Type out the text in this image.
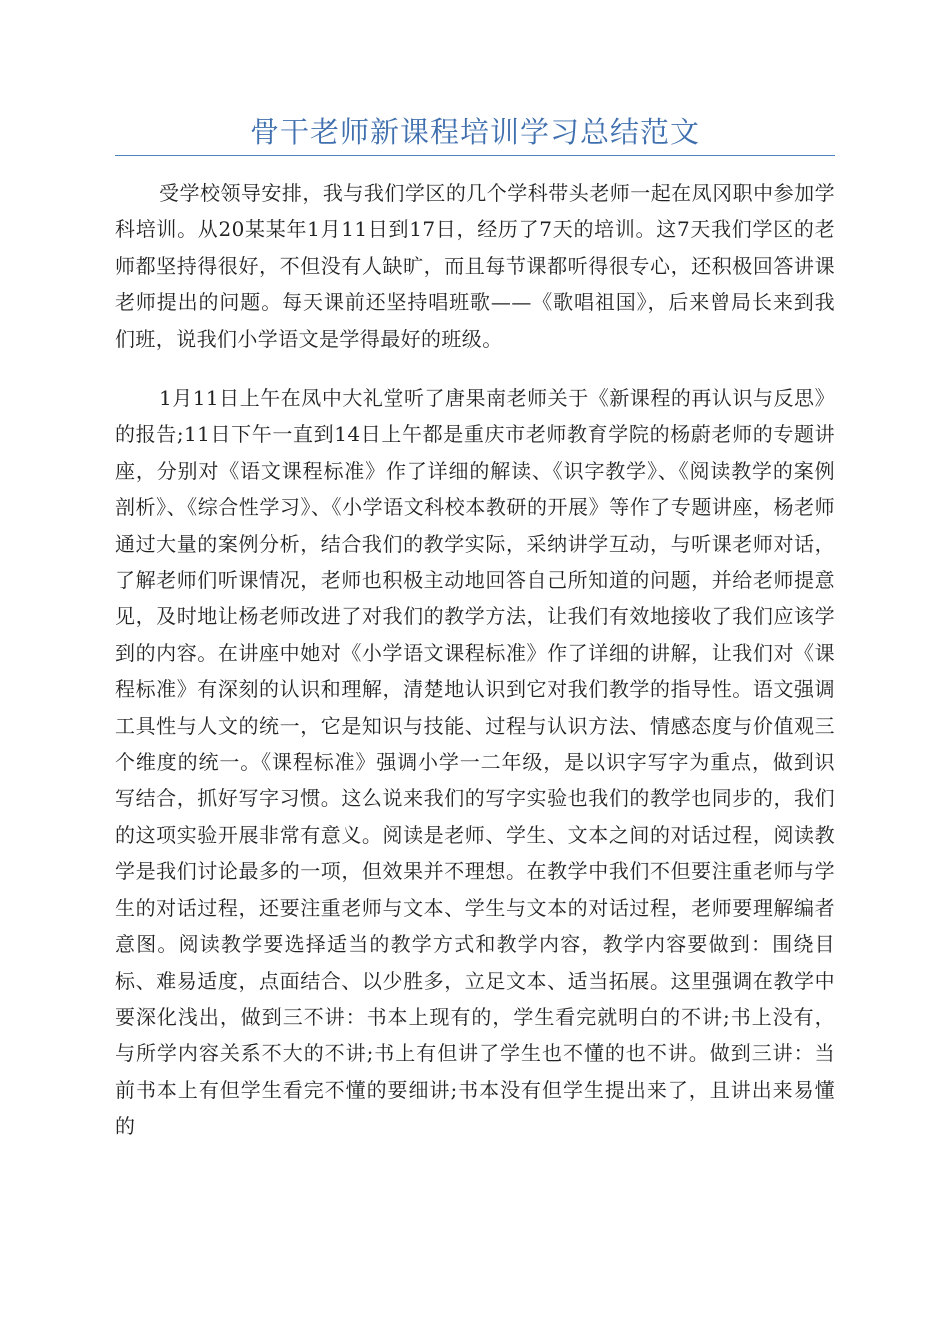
骨干老师新课程培训学习总结范文

受学校领导安排，我与我们学区的几个学科带头老师一起在凤冈职中参加学科培训。从20某某年1月11日到17日，经历了7天的培训。这7天我们学区的老师都坚持得很好，不但没有人缺旷，而且每节课都听得很专心，还积极回答讲课老师提出的问题。每天课前还坚持唱班歌——《歌唱祖国》，后来曾局长来到我们班，说我们小学语文是学得最好的班级。

1月11日上午在凤中大礼堂听了唐果南老师关于《新课程的再认识与反思》的报告;11日下午一直到14日上午都是重庆市老师教育学院的杨蔚老师的专题讲座，分别对《语文课程标准》作了详细的解读、《识字教学》、《阅读教学的案例剖析》、《综合性学习》、《小学语文科校本教研的开展》等作了专题讲座，杨老师通过大量的案例分析，结合我们的教学实际，采纳讲学互动，与听课老师对话，了解老师们听课情况，老师也积极主动地回答自己所知道的问题，并给老师提意见，及时地让杨老师改进了对我们的教学方法，让我们有效地接收了我们应该学到的内容。在讲座中她对《小学语文课程标准》作了详细的讲解，让我们对《课程标准》有深刻的认识和理解，清楚地认识到它对我们教学的指导性。语文强调工具性与人文的统一，它是知识与技能、过程与认识方法、情感态度与价值观三个维度的统一。《课程标准》强调小学一二年级，是以识字写字为重点，做到识写结合，抓好写字习惯。这么说来我们的写字实验也我们的教学也同步的，我们的这项实验开展非常有意义。阅读是老师、学生、文本之间的对话过程，阅读教学是我们讨论最多的一项，但效果并不理想。在教学中我们不但要注重老师与学生的对话过程，还要注重老师与文本、学生与文本的对话过程，老师要理解编者意图。阅读教学要选择适当的教学方式和教学内容，教学内容要做到：围绕目标、难易适度，点面结合、以少胜多，立足文本、适当拓展。这里强调在教学中要深化浅出，做到三不讲：书本上现有的，学生看完就明白的不讲;书上没有，与所学内容关系不大的不讲;书上有但讲了学生也不懂的也不讲。做到三讲：当前书本上有但学生看完不懂的要细讲;书本没有但学生提出来了，且讲出来易懂的
